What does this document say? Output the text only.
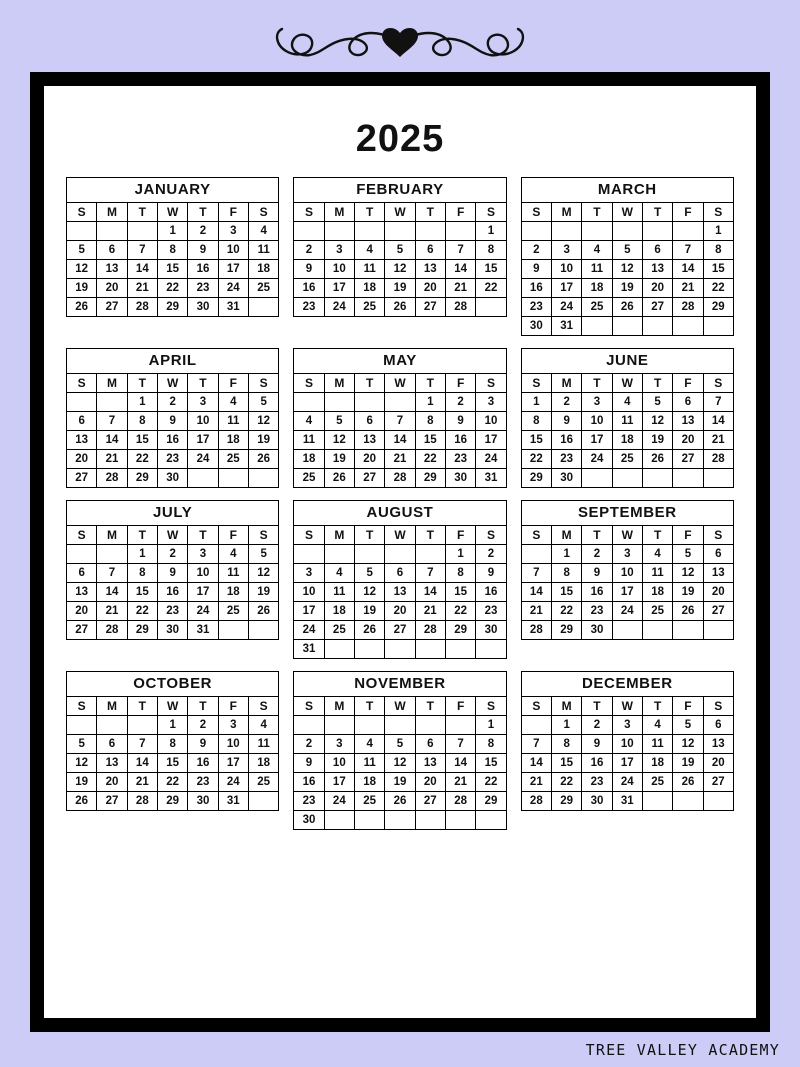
2025
JANUARY
S	M	T	W	T	F	S
			1	2	3	4
5	6	7	8	9	10	11
12	13	14	15	16	17	18
19	20	21	22	23	24	25
26	27	28	29	30	31	
FEBRUARY
S	M	T	W	T	F	S
						1
2	3	4	5	6	7	8
9	10	11	12	13	14	15
16	17	18	19	20	21	22
23	24	25	26	27	28	
MARCH
S	M	T	W	T	F	S
						1
2	3	4	5	6	7	8
9	10	11	12	13	14	15
16	17	18	19	20	21	22
23	24	25	26	27	28	29
30	31					
APRIL
S	M	T	W	T	F	S
		1	2	3	4	5
6	7	8	9	10	11	12
13	14	15	16	17	18	19
20	21	22	23	24	25	26
27	28	29	30			
MAY
S	M	T	W	T	F	S
				1	2	3
4	5	6	7	8	9	10
11	12	13	14	15	16	17
18	19	20	21	22	23	24
25	26	27	28	29	30	31
JUNE
S	M	T	W	T	F	S
1	2	3	4	5	6	7
8	9	10	11	12	13	14
15	16	17	18	19	20	21
22	23	24	25	26	27	28
29	30					
JULY
S	M	T	W	T	F	S
		1	2	3	4	5
6	7	8	9	10	11	12
13	14	15	16	17	18	19
20	21	22	23	24	25	26
27	28	29	30	31		
AUGUST
S	M	T	W	T	F	S
					1	2
3	4	5	6	7	8	9
10	11	12	13	14	15	16
17	18	19	20	21	22	23
24	25	26	27	28	29	30
31						
SEPTEMBER
S	M	T	W	T	F	S
	1	2	3	4	5	6
7	8	9	10	11	12	13
14	15	16	17	18	19	20
21	22	23	24	25	26	27
28	29	30				
OCTOBER
S	M	T	W	T	F	S
			1	2	3	4
5	6	7	8	9	10	11
12	13	14	15	16	17	18
19	20	21	22	23	24	25
26	27	28	29	30	31	
NOVEMBER
S	M	T	W	T	F	S
						1
2	3	4	5	6	7	8
9	10	11	12	13	14	15
16	17	18	19	20	21	22
23	24	25	26	27	28	29
30						
DECEMBER
S	M	T	W	T	F	S
	1	2	3	4	5	6
7	8	9	10	11	12	13
14	15	16	17	18	19	20
21	22	23	24	25	26	27
28	29	30	31			
TREE VALLEY ACADEMY
